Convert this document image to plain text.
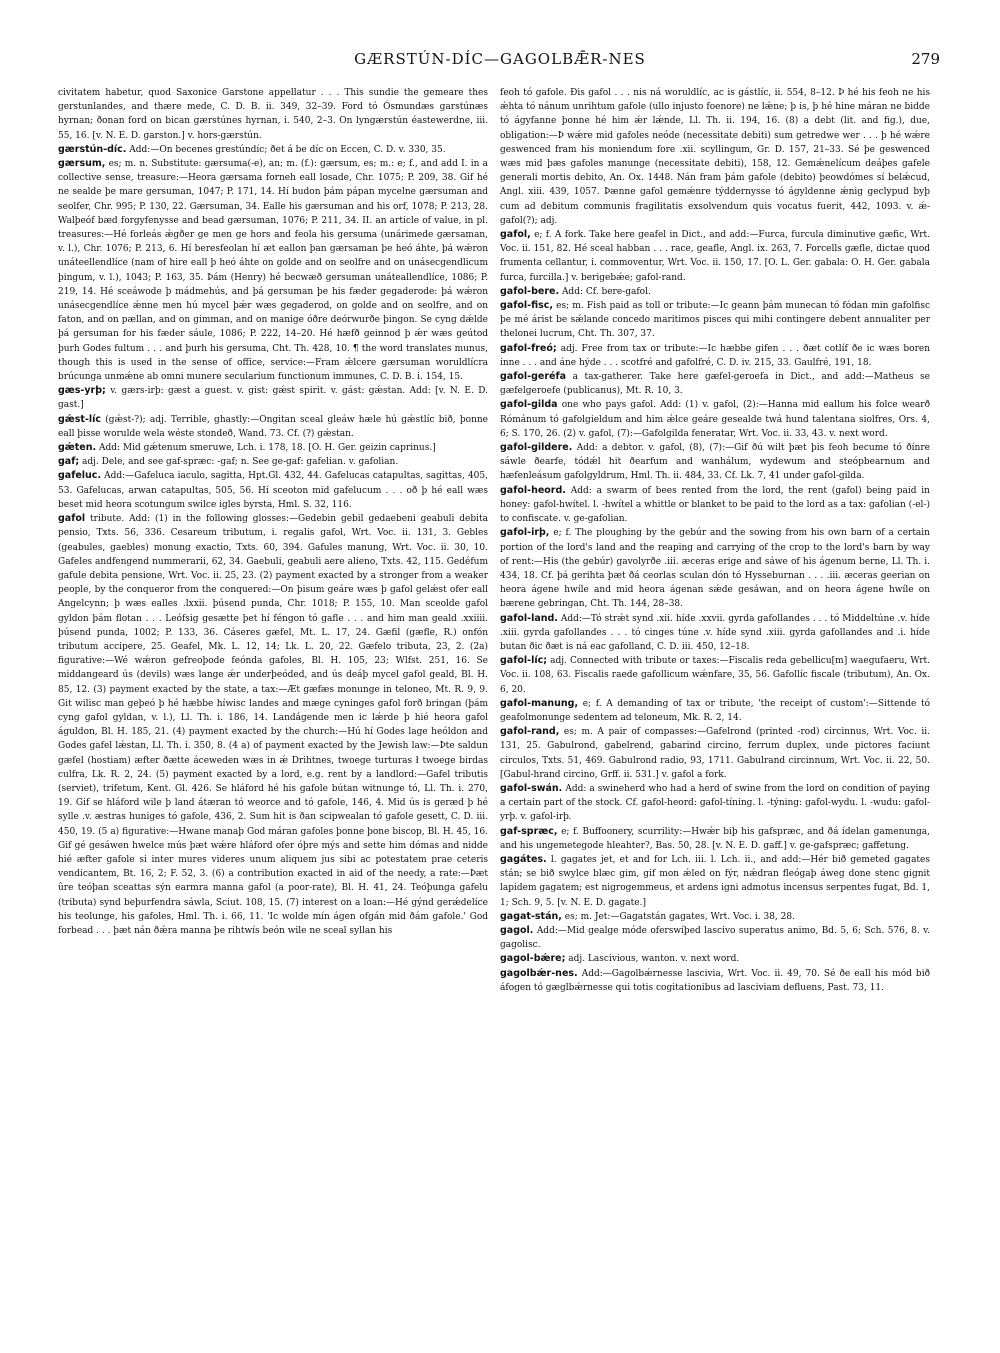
GÆRSTÚN-DÍC—GAGOLBǢR-NES	279

civitatem habetur, quod Saxonice Garstone appellatur . . . This sundie the gemeare thes gerstunlandes, and thære mede, C. D. B. ii. 349, 32–39. Ford tó Ósmundæs garstúnæs hyrnan; ðonan ford on bican gærstúnes hyrnan, i. 540, 2–3. On lyngærstún éastewerdne, iii. 55, 16. [v. N. E. D. garston.] v. hors-gærstún.

gærstún-díc. Add:—On becenes grestúndíc; ðet á be díc on Eccen, C. D. v. 330, 35.

gærsum, es; m. n. Substitute: gærsuma(-e), an; m. (f.): gærsum, es; m.: e; f., and add I. in a collective sense, treasure:—Heora gærsama forneh eall losade, Chr. 1075; P. 209, 38. Gif hé ne sealde þe mare gersuman, 1047; P. 171, 14. Hí budon þám pápan mycelne gærsuman and seolfer, Chr. 995; P. 130, 22. Gærsuman, 34. Ealle his gærsuman and his orf, 1078; P. 213, 28. Walþeóf bæd forgyfenysse and bead gærsuman, 1076; P. 211, 34. II. an article of value, in pl. treasures:—Hé forleás ǽgðer ge men ge hors and feola his gersuma (unárimede gærsaman, v. l.), Chr. 1076; P. 213, 6. Hí beresfeolan hí æt eallon þan gærsaman þe heó áhte, þá wǽron unáteellendlíce (nam of hire eall þ heó áhte on golde and on seolfre and on unásecgendlicum þingum, v. l.), 1043; P. 163, 35. Þám (Henry) hé becwæð gersuman unáteallendlíce, 1086; P. 219, 14. Hé sceáwode þ mádmehús, and þá gersuman þe his fæder gegaderode: þá wǽron unásecgendlíce ǽnne men hú mycel þǽr wæs gegaderod, on golde and on seolfre, and on faton, and on pællan, and on gimman, and on manige óðre deórwurðe þingon. Se cyng dǽlde þá gersuman for his fæder sáule, 1086; P. 222, 14–20. Hé hæfð geinnod þ ǽr wæs geútod þurh Godes fultum . . . and þurh his gersuma, Cht. Th. 428, 10. ¶ the word translates munus, though this is used in the sense of office, service:—Fram ǽlcere gærsuman woruldlícra brúcunga unmǽne ab omni munere secularium functionum immunes, C. D. B. i. 154, 15.

gæs-yrþ; v. gærs-irþ: gæst a guest. v. gist: gǽst spirit. v. gást: gǽstan. Add: [v. N. E. D. gast.]

gǽst-líc (gǽst-?); adj. Terrible, ghastly:—Ongitan sceal gleáw hæle hú gǽstlíc bið, þonne eall þisse worulde wela wéste stondeð, Wand. 73. Cf. (?) gǽstan.

gǽten. Add: Mid gǽtenum smeruwe, Lch. i. 178, 18. [O. H. Ger. geizin caprinus.]

gaf; adj. Dele, and see gaf-spræc: -gaf; n. See ge-gaf: gafelian. v. gafolian.

gafeluc. Add:—Gafeluca iaculo, sagitta, Hpt.Gl. 432, 44. Gafelucas catapultas, sagittas, 405, 53. Gafelucas, arwan catapultas, 505, 56. Hí sceoton mid gafelucum . . . oð þ hé eall wæs beset mid heora scotungum swilce igles byrsta, Hml. S. 32, 116.

gafol tribute. Add: (1) in the following glosses:—Gedebin gebil gedaebeni geabuli debita pensio, Txts. 56, 336. Cesareum tributum, i. regalis gafol, Wrt. Voc. ii. 131, 3. Gebles (geabules, gaebles) monung exactio, Txts. 60, 394. Gafules manung, Wrt. Voc. ii. 30, 10. Gafeles andfengend nummerarii, 62, 34. Gaebuli, geabuli aere alieno, Txts. 42, 115. Gedéfum gafule debita pensione, Wrt. Voc. ii. 25, 23. (2) payment exacted by a stronger from a weaker people, by the conqueror from the conquered:—On þisum geáre wæs þ gafol gelǽst ofer eall Angelcynn; þ wæs ealles .lxxii. þúsend punda, Chr. 1018; P. 155, 10. Man sceolde gafol gyldon þám flotan . . . Leófsig gesætte þet hí féngon tó gafle . . . and him man geald .xxiiii. þúsend punda, 1002; P. 133, 36. Cáseres gæfel, Mt. L. 17, 24. Gæfil (gæfle, R.) onfón tributum accipere, 25. Geafel, Mk. L. 12, 14; Lk. L. 20, 22. Gæfelo tributa, 23, 2. (2a) figurative:—Wé wǽron gefreoþode feónda gafoles, Bl. H. 105, 23; Wlfst. 251, 16. Se middangeard ús (devils) wæs lange ǽr underþeóded, and ús deáþ mycel gafol geald, Bl. H. 85, 12. (3) payment exacted by the state, a tax:—Æt gæfæs monunge in teloneo, Mt. R. 9, 9. Git wilisc man geþeó þ hé hæbbe híwisc landes and mæge cyninges gafol forð bringan (þám cyng gafol gyldan, v. l.), Ll. Th. i. 186, 14. Landágende men ic lǽrde þ hié heora gafol águldon, Bl. H. 185, 21. (4) payment exacted by the church:—Hú hí Godes lage heóldon and Godes gafel lǽstan, Ll. Th. i. 350, 8. (4 a) of payment exacted by the Jewish law:—Þte saldun gæfel (hostiam) æfter ðætte áceweden wæs in ǽ Drihtnes, twoege turturas ł twoege birdas culfra, Lk. R. 2, 24. (5) payment exacted by a lord, e.g. rent by a landlord:—Gafel tributis (serviet), trifetum, Kent. Gl. 426. Se hláford hé his gafole bútan witnunge tó, Ll. Th. i. 270, 19. Gif se hláford wile þ land átæran tó weorce and tó gafole, 146, 4. Mid ús is geræd þ hé sylle .v. æstras huniges tó gafole, 436, 2. Sum hit is ðan scipwealan tó gafole gesett, C. D. iii. 450, 19. (5 a) figurative:—Hwane manaþ God máran gafoles þonne þone biscop, Bl. H. 45, 16. Gif gé gesáwen hwelce mús þæt wǽre hláford ofer óþre mýs and sette him dómas and nidde hié æfter gafole si inter mures videres unum aliquem jus sibi ac potestatem prae ceteris vendicantem, Bt. 16, 2; F. 52, 3. (6) a contribution exacted in aid of the needy, a rate:—Þæt ûre teóþan sceattas sýn earmra manna gafol (a poor-rate), Bl. H. 41, 24. Teóþunga gafelu (tributa) synd beþurfendra sáwla, Sciut. 108, 15. (7) interest on a loan:—Hé gýnd gerǽdelíce his teolunge, his gafoles, Hml. Th. i. 66, 11. 'Ic wolde mín ágen ofgán mid ðám gafole.' God forbead . . . þæt nán ðǽra manna þe rihtwís beón wile ne sceal syllan his

feoh tó gafole. Ðis gafol . . . nis ná woruldlíc, ac is gástlíc, ii. 554, 8–12. Þ hé his feoh ne his ǽhta tó nánum unrihtum gafole (ullo injusto foenore) ne lǽne; þ is, þ hé hine máran ne bidde tó ágyfanne þonne hé him ǽr lǽnde, Ll. Th. ii. 194, 16. (8) a debt (lit. and fig.), due, obligation:—Þ wǽre mid gafoles neóde (necessitate debiti) sum getredwe wer . . . þ hé wǽre geswenced fram his moniendum fore .xii. scyllingum, Gr. D. 157, 21–33. Sé þe geswenced wæs mid þæs gafoles manunge (necessitate debiti), 158, 12. Gemǽnelícum deáþes gafele generali mortis debito, An. Ox. 1448. Nán fram þám gafole (debito) þeowdómes sí belǽcud, Angl. xiii. 439, 1057. Þænne gafol gemǽnre týddernysse tó ágyldenne ǽnig geclypud byþ cum ad debitum communis fragilitatis exsolvendum quis vocatus fuerit, 442, 1093. v. ǽ-gafol(?); adj.

gafol, e; f. A fork. Take here geafel in Dict., and add:—Furca, furcula diminutive gæfic, Wrt. Voc. ii. 151, 82. Hé sceal habban . . . race, geafle, Angl. ix. 263, 7. Forcells gæfle, dictae quod frumenta cellantur, i. commoventur, Wrt. Voc. ii. 150, 17. [O. L. Ger. gabala: O. H. Ger. gabala furca, furcilla.] v. berigebǽe; gafol-rand.

gafol-bere. Add: Cf. bere-gafol.

gafol-fisc, es; m. Fish paid as toll or tribute:—Ic geann þám munecan tó fódan min gafolfisc þe mé árist be sǽlande concedo maritimos pisces qui mihi contingere debent annualiter per thelonei lucrum, Cht. Th. 307, 37.

gafol-freó; adj. Free from tax or tribute:—Ic hæbbe gifen . . . ðæt cotlíf ðe ic wæs boren inne . . . and áne hýde . . . scotfré and gafolfré, C. D. iv. 215, 33. Gaulfré, 191, 18.

gafol-geréfa a tax-gatherer. Take here gæfel-geroefa in Dict., and add:—Matheus se gæfelgeroefe (publicanus), Mt. R. 10, 3.

gafol-gilda one who pays gafol. Add: (1) v. gafol, (2):—Hanna mid eallum his folce wearð Rómánum tó gafolgieldum and him ǽlce geáre gesealde twá hund talentana siolfres, Ors. 4, 6; S. 170, 26. (2) v. gafol, (7):—Gafolgilda feneratar, Wrt. Voc. ii. 33, 43. v. next word.

gafol-gildere. Add: a debtor. v. gafol, (8), (7):—Gif ðú wilt þæt þis feoh becume tó ðínre sáwle ðearfe, tódǽl hit ðearfum and wanhálum, wydewum and steópbearnum and hæfenleásum gafolgyldrum, Hml. Th. ii. 484, 33. Cf. Lk. 7, 41 under gafol-gilda.

gafol-heord. Add: a swarm of bees rented from the lord, the rent (gafol) being paid in honey: gafol-hwítel. l. -hwítel a whittle or blanket to be paid to the lord as a tax: gafolian (-el-) to confiscate. v. ge-gafolian.

gafol-irþ, e; f. The ploughing by the gebúr and the sowing from his own barn of a certain portion of the lord's land and the reaping and carrying of the crop to the lord's barn by way of rent:—His (the gebúr) gavolyrðe .iii. æceras erige and sáwe of his ágenum berne, Ll. Th. i. 434, 18. Cf. þá gerihta þæt ðá ceorlas sculan dón tó Hysseburnan . . . .iii. æceras geerian on heora ágene hwíle and mid heora ágenan sǽde gesáwan, and on heora ágene hwíle on bærene gebringan, Cht. Th. 144, 28–38.

gafol-land. Add:—Tó strǽt synd .xii. híde .xxvii. gyrda gafollandes . . . tó Middeltúne .v. híde .xiii. gyrda gafollandes . . . tó cinges túne .v. híde synd .xiii. gyrda gafollandes and .i. híde butan ðic ðæt is ná eac gafolland, C. D. iii. 450, 12–18.

gafol-líc; adj. Connected with tribute or taxes:—Fiscalis reda gebellicu[m] waegufaeru, Wrt. Voc. ii. 108, 63. Fiscalis raede gafollicum wǽnfare, 35, 56. Gafollíc fiscale (tributum), An. Ox. 6, 20.

gafol-manung, e; f. A demanding of tax or tribute, 'the receipt of custom':—Sittende tó geafolmonunge sedentem ad teloneum, Mk. R. 2, 14.

gafol-rand, es; m. A pair of compasses:—Gafelrond (printed -rod) circinnus, Wrt. Voc. ii. 131, 25. Gabulrond, gabelrend, gabarind circino, ferrum duplex, unde pictores faciunt circulos, Txts. 51, 469. Gabulrond radio, 93, 1711. Gabulrand circinnum, Wrt. Voc. ii. 22, 50. [Gabul-hrand circino, Grff. ii. 531.] v. gafol a fork.

gafol-swán. Add: a swineherd who had a herd of swine from the lord on condition of paying a certain part of the stock. Cf. gafol-heord: gafol-tíning. l. -týning: gafol-wydu. l. -wudu: gafol-yrþ. v. gafol-irþ.

gaf-spræc, e; f. Buffoonery, scurrility:—Hwǽr biþ his gafspræc, and ðá ídelan gamenunga, and his ungemetegode hleahter?, Bas. 50, 28. [v. N. E. D. gaff.] v. ge-gafspræc; gaffetung.

gagátes. l. gagates jet, et and for Lch. iii. l. Lch. ii., and add:—Hér bið gemeted gagates stán; se bið swylce blæc gim, gif mon ǽled on fýr, nǽdran fleógaþ áweg done stenc gignit lapidem gagatem; est nigrogemmeus, et ardens igni admotus incensus serpentes fugat, Bd. 1, 1; Sch. 9, 5. [v. N. E. D. gagate.]

gagat-stán, es; m. Jet:—Gagatstán gagates, Wrt. Voc. i. 38, 28.

gagol. Add:—Mid gealge móde oferswíþed lascivo superatus animo, Bd. 5, 6; Sch. 576, 8. v. gagolisc.

gagol-bǽre; adj. Lascivious, wanton. v. next word.

gagolbǽr-nes. Add:—Gagolbǽrnesse lascivia, Wrt. Voc. ii. 49, 70. Sé ðe eall his mód bið áfogen tó gæglbǽrnesse qui totis cogitationibus ad lasciviam defluens, Past. 73, 11.
